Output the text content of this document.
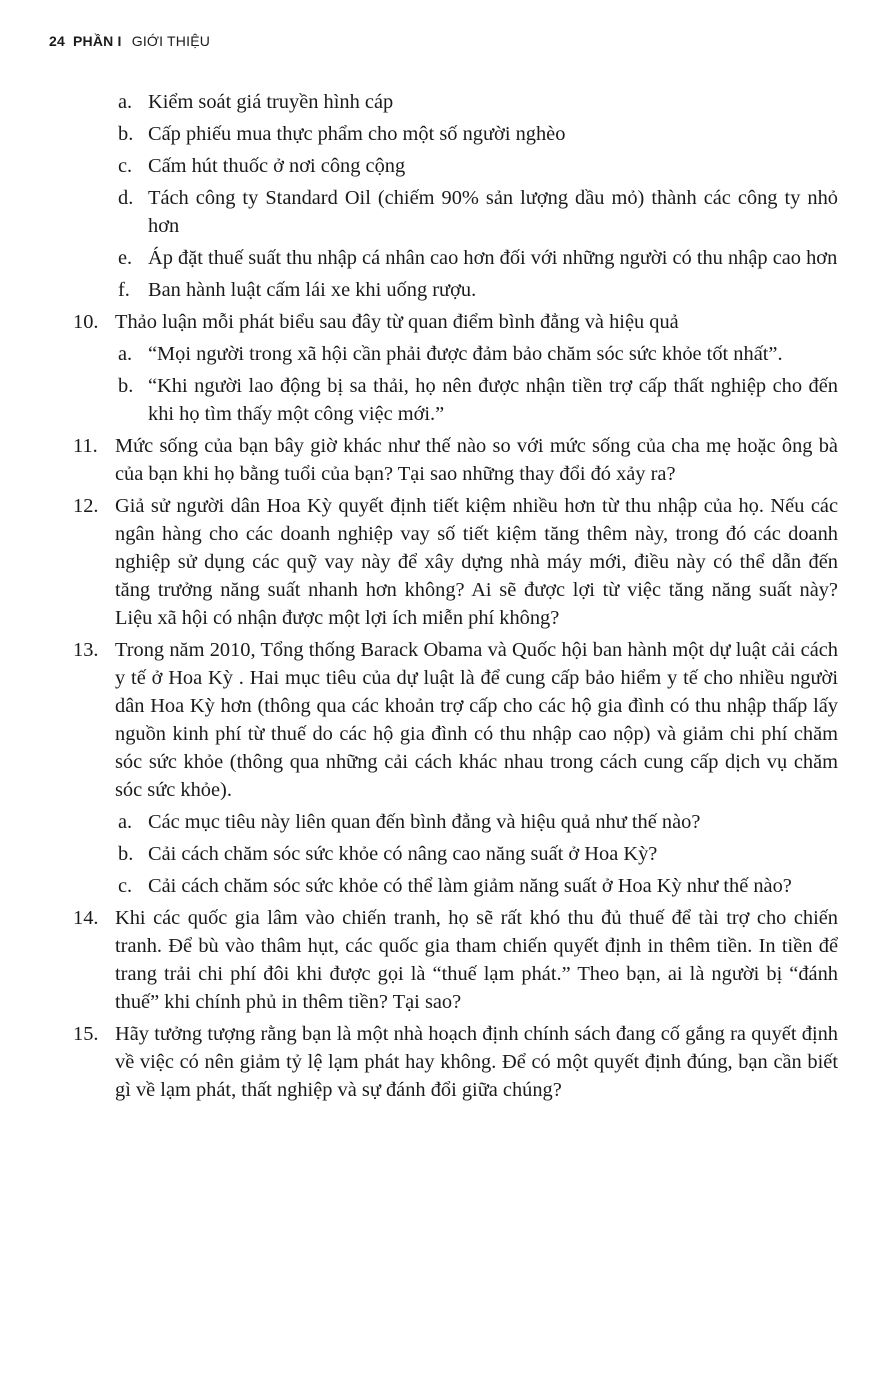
24 PHẦN I GIỚI THIỆU
a. Kiểm soát giá truyền hình cáp
b. Cấp phiếu mua thực phẩm cho một số người nghèo
c. Cấm hút thuốc ở nơi công cộng
d. Tách công ty Standard Oil (chiếm 90% sản lượng dầu mỏ) thành các công ty nhỏ hơn
e. Áp đặt thuế suất thu nhập cá nhân cao hơn đối với những người có thu nhập cao hơn
f. Ban hành luật cấm lái xe khi uống rượu.
10. Thảo luận mỗi phát biểu sau đây từ quan điểm bình đẳng và hiệu quả
a. “Mọi người trong xã hội cần phải được đảm bảo chăm sóc sức khỏe tốt nhất”.
b. “Khi người lao động bị sa thải, họ nên được nhận tiền trợ cấp thất nghiệp cho đến khi họ tìm thấy một công việc mới.”
11. Mức sống của bạn bây giờ khác như thế nào so với mức sống của cha mẹ hoặc ông bà của bạn khi họ bằng tuổi của bạn? Tại sao những thay đổi đó xảy ra?
12. Giả sử người dân Hoa Kỳ quyết định tiết kiệm nhiều hơn từ thu nhập của họ. Nếu các ngân hàng cho các doanh nghiệp vay số tiết kiệm tăng thêm này, trong đó các doanh nghiệp sử dụng các quỹ vay này để xây dựng nhà máy mới, điều này có thể dẫn đến tăng trưởng năng suất nhanh hơn không? Ai sẽ được lợi từ việc tăng năng suất này? Liệu xã hội có nhận được một lợi ích miễn phí không?
13. Trong năm 2010, Tổng thống Barack Obama và Quốc hội ban hành một dự luật cải cách y tế ở Hoa Kỳ . Hai mục tiêu của dự luật là để cung cấp bảo hiểm y tế cho nhiều người dân Hoa Kỳ hơn (thông qua các khoản trợ cấp cho các hộ gia đình có thu nhập thấp lấy nguồn kinh phí từ thuế do các hộ gia đình có thu nhập cao nộp) và giảm chi phí chăm sóc sức khỏe (thông qua những cải cách khác nhau trong cách cung cấp dịch vụ chăm sóc sức khỏe).
a. Các mục tiêu này liên quan đến bình đẳng và hiệu quả như thế nào?
b. Cải cách chăm sóc sức khỏe có nâng cao năng suất ở Hoa Kỳ?
c. Cải cách chăm sóc sức khỏe có thể làm giảm năng suất ở Hoa Kỳ như thế nào?
14. Khi các quốc gia lâm vào chiến tranh, họ sẽ rất khó thu đủ thuế để tài trợ cho chiến tranh. Để bù vào thâm hụt, các quốc gia tham chiến quyết định in thêm tiền. In tiền để trang trải chi phí đôi khi được gọi là “thuế lạm phát.” Theo bạn, ai là người bị “đánh thuế” khi chính phủ in thêm tiền? Tại sao?
15. Hãy tưởng tượng rằng bạn là một nhà hoạch định chính sách đang cố gắng ra quyết định về việc có nên giảm tỷ lệ lạm phát hay không. Để có một quyết định đúng, bạn cần biết gì về lạm phát, thất nghiệp và sự đánh đổi giữa chúng?
